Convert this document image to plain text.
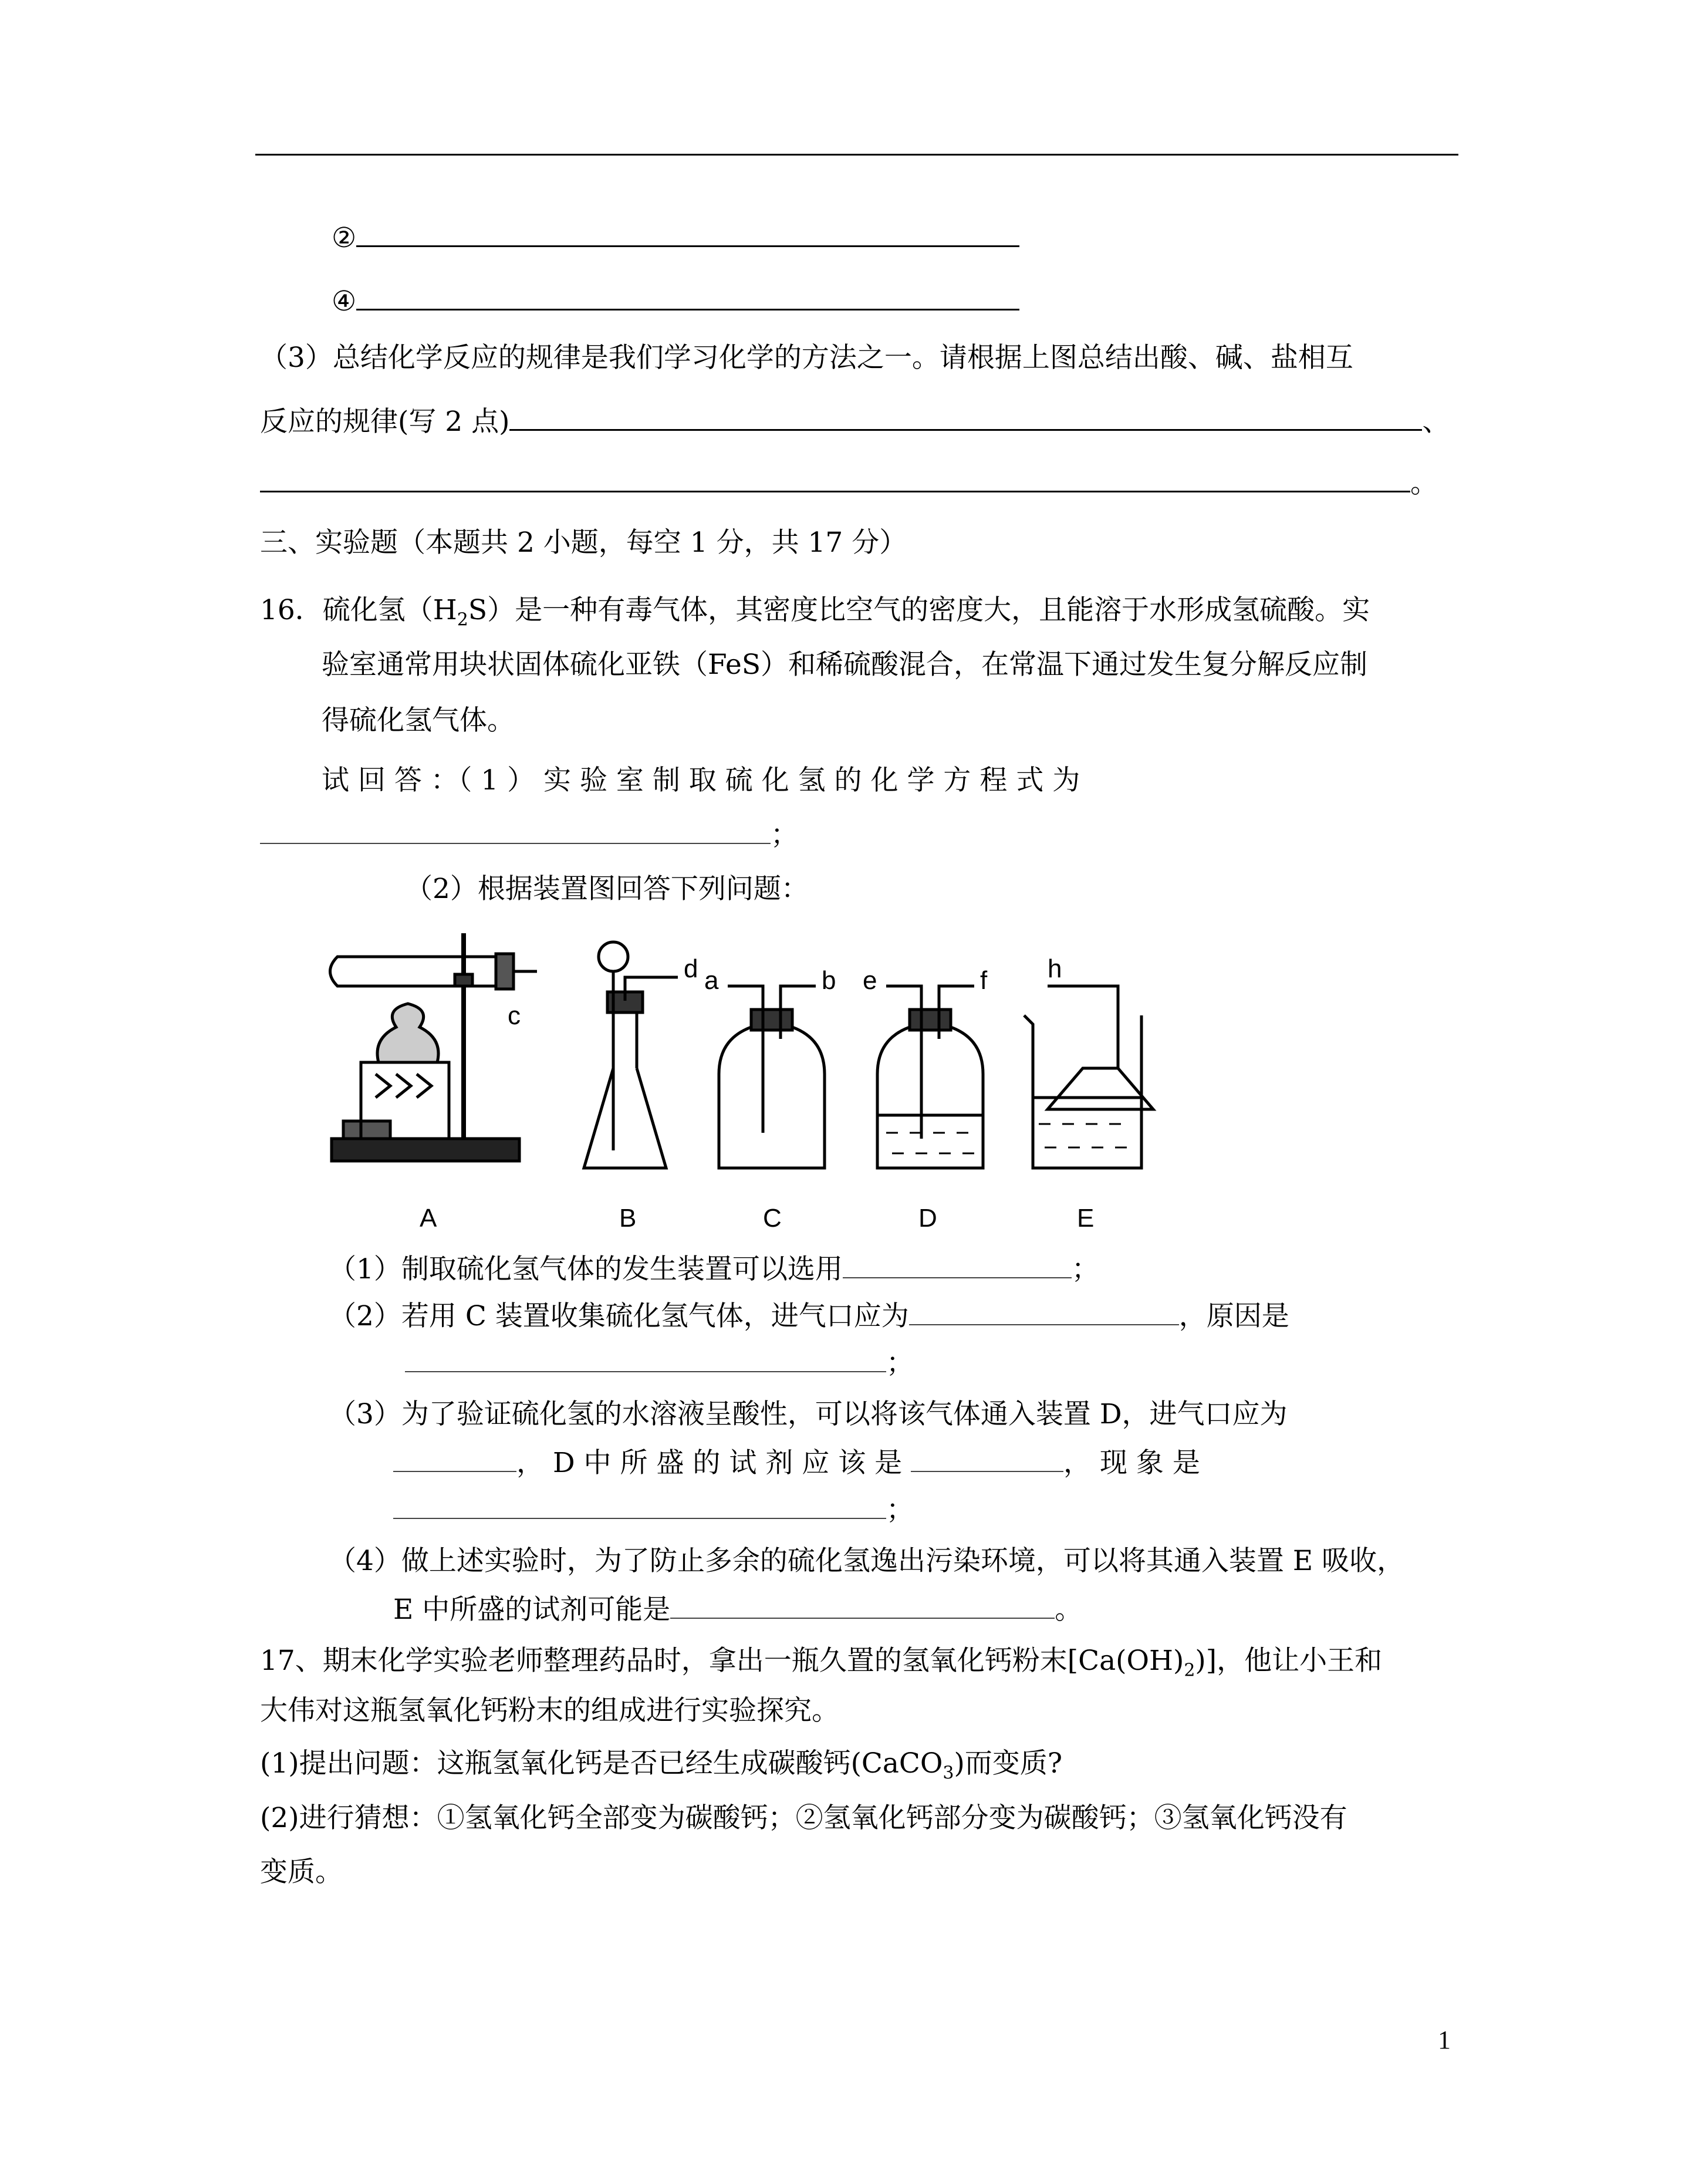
②
④
（3）总结化学反应的规律是我们学习化学的方法之一。请根据上图总结出酸、碱、盐相互
反应的规律(写 2 点)	、
。
三、实验题（本题共 2 小题，每空 1 分，共 17 分）
16．硫化氢$(H_2S)$是一种有毒气体，其密度比空气的密度大，且能溶于水形成氢硫酸。实
验室通常用块状固体硫化亚铁（FeS）和稀硫酸混合，在常温下通过发生复分解反应制
得硫化氢气体。
试 回 答 ：（ 1 ） 实 验 室 制 取 硫 化 氢 的 化 学 方 程 式 为
；
（2）根据装置图回答下列问题：
c
d a	b e	f h
A	B	C	D	E
（1）制取硫化氢气体的发生装置可以选用	；
（2）若用 C 装置收集硫化氢气体，进气口应为	，原因是
；
（3）为了验证硫化氢的水溶液呈酸性，可以将该气体通入装置 D，进气口应为
， D 中 所 盛 的 试 剂 应 该 是	， 现 象 是
；
（4）做上述实验时，为了防止多余的硫化氢逸出污染环境，可以将其通入装置 E 吸收，
E 中所盛的试剂可能是	。
17、期末化学实验老师整理药品时，拿出一瓶久置的氢氧化钙粉末$[Ca(OH)_2)$]，他让小王和
大伟对这瓶氢氧化钙粉末的组成进行实验探究。
(1)提出问题：这瓶氢氧化钙是否已经生成碳酸钙(CaCO$_3$)而变质?
(2)进行猜想：①氢氧化钙全部变为碳酸钙；②氢氧化钙部分变为碳酸钙；③氢氧化钙没有
变质。
1
